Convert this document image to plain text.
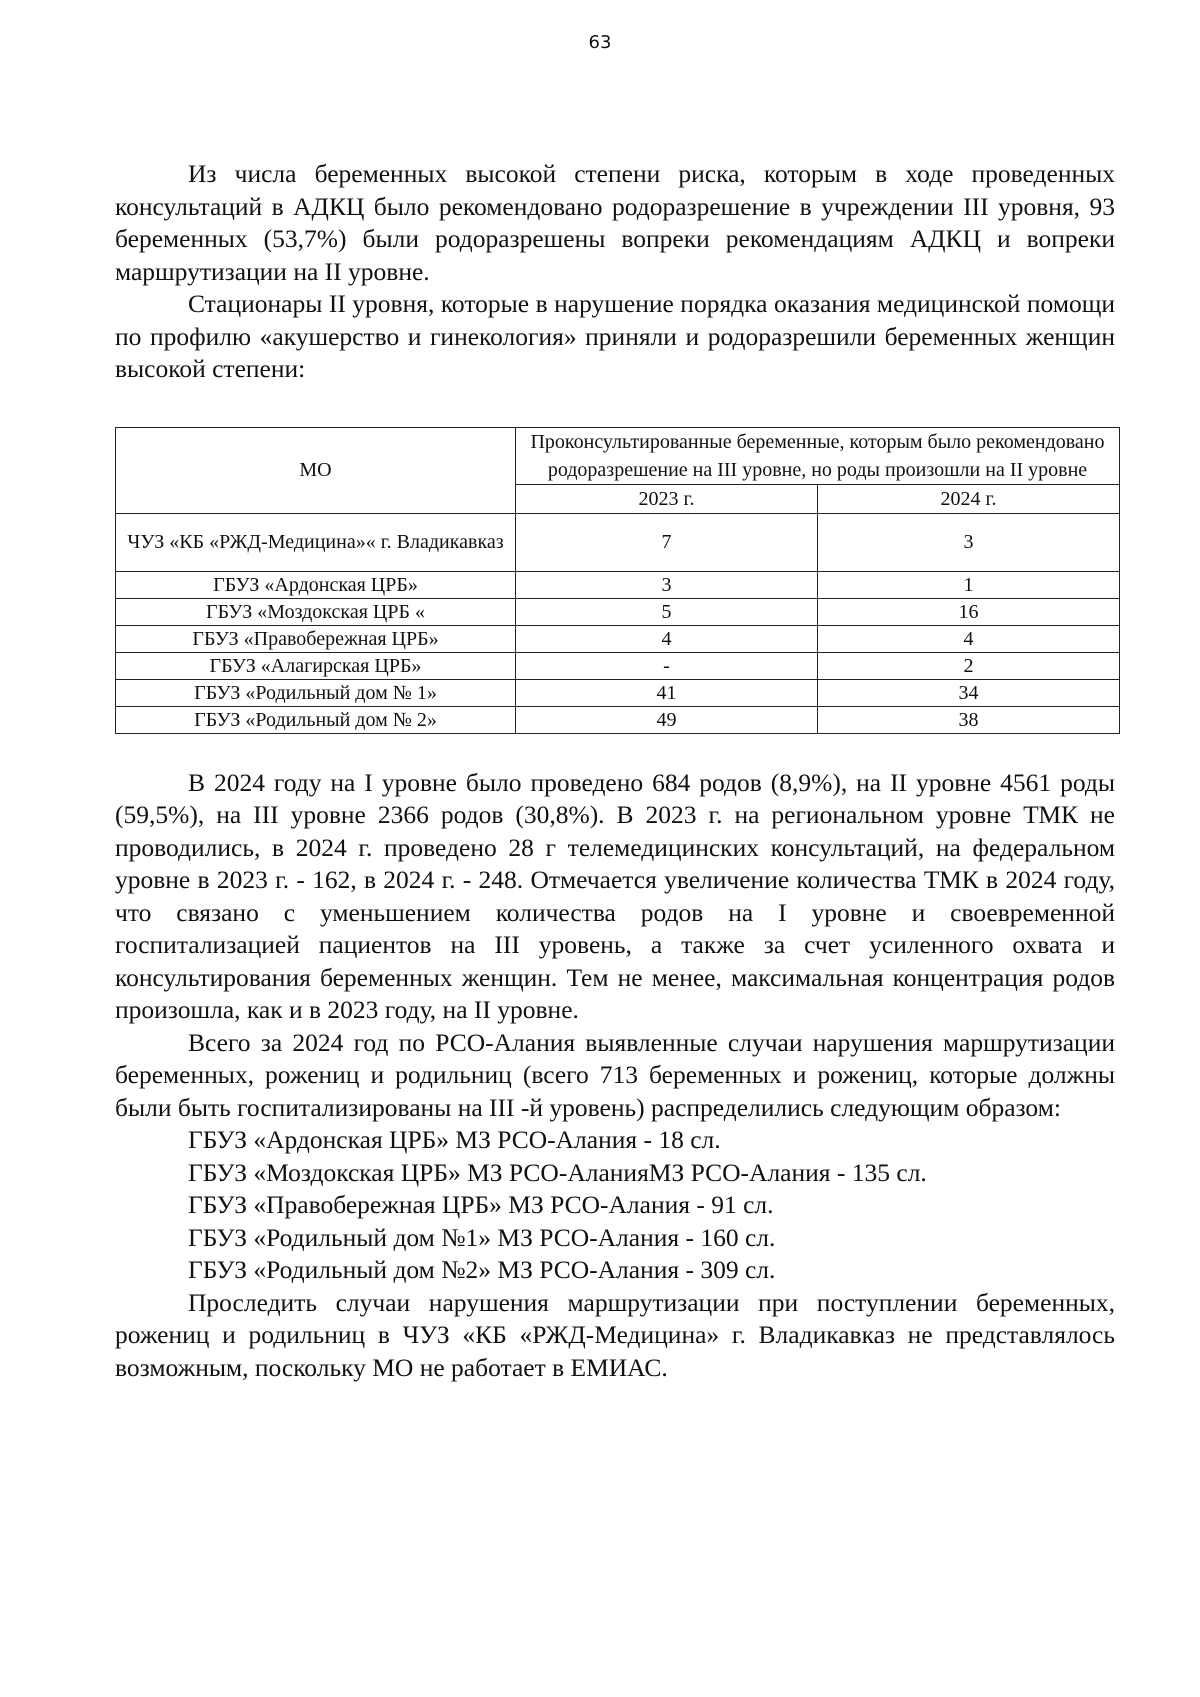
63

Из числа беременных высокой степени риска, которым в ходе проведенных консультаций в АДКЦ было рекомендовано родоразрешение в учреждении III уровня, 93 беременных (53,7%) были родоразрешены вопреки рекомендациям АДКЦ и вопреки маршрутизации на II уровне.

Стационары II уровня, которые в нарушение порядка оказания медицинской помощи по профилю «акушерство и гинекология» приняли и родоразрешили беременных женщин высокой степени:

МО	Проконсультированные беременные, которым было рекомендовано родоразрешение на III уровне, но роды произошли на II уровне	
	2023 г.	2024 г.
ЧУЗ «КБ «РЖД-Медицина»« г. Владикавказ	7	3
ГБУЗ «Ардонская ЦРБ»	3	1
ГБУЗ «Моздокская ЦРБ «	5	16
ГБУЗ «Правобережная ЦРБ»	4	4
ГБУЗ «Алагирская ЦРБ»	-	2
ГБУЗ «Родильный дом № 1»	41	34
ГБУЗ «Родильный дом № 2»	49	38

В 2024 году на I уровне было проведено 684 родов (8,9%), на II уровне 4561 роды (59,5%), на III уровне 2366 родов (30,8%). В 2023 г. на региональном уровне ТМК не проводились, в 2024 г. проведено 28 г телемедицинских консультаций, на федеральном уровне в 2023 г. - 162, в 2024 г. - 248. Отмечается увеличение количества ТМК в 2024 году, что связано с уменьшением количества родов на I уровне и своевременной госпитализацией пациентов на III уровень, а также за счет усиленного охвата и консультирования беременных женщин. Тем не менее, максимальная концентрация родов произошла, как и в 2023 году, на II уровне.

Всего за 2024 год по РСО-Алания выявленные случаи нарушения маршрутизации беременных, рожениц и родильниц (всего 713 беременных и рожениц, которые должны были быть госпитализированы на III -й уровень) распределились следующим образом:

ГБУЗ «Ардонская ЦРБ» МЗ РСО-Алания - 18 сл.

ГБУЗ «Моздокская ЦРБ» МЗ РСО-АланияМЗ РСО-Алания - 135 сл.

ГБУЗ «Правобережная ЦРБ» МЗ РСО-Алания - 91 сл.

ГБУЗ «Родильный дом №1» МЗ РСО-Алания - 160 сл.

ГБУЗ «Родильный дом №2» МЗ РСО-Алания - 309 сл.

Проследить случаи нарушения маршрутизации при поступлении беременных, рожениц и родильниц в ЧУЗ «КБ «РЖД-Медицина» г. Владикавказ не представлялось возможным, поскольку МО не работает в ЕМИАС.
